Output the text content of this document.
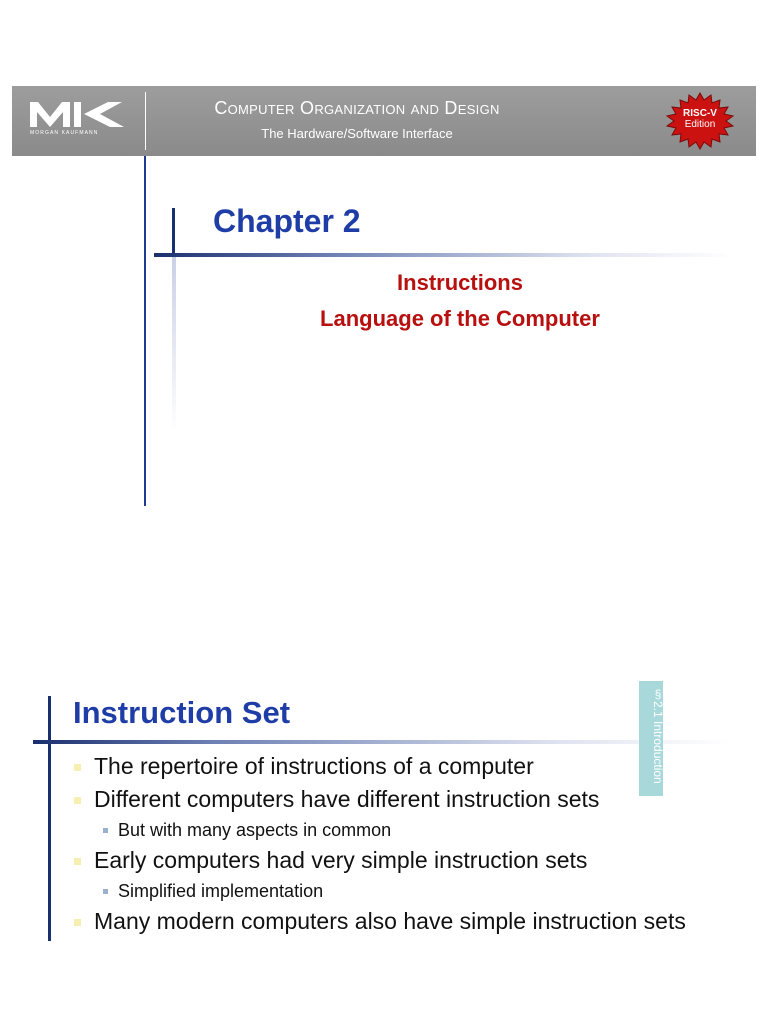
MORGAN KAUFMANN
Computer Organization and Design
The Hardware/Software Interface
RISC-V
Edition
Chapter 2
Instructions
Language of the Computer
Instruction Set	§2.1 Introduction
The repertoire of instructions of a computer
Different computers have different instruction sets
But with many aspects in common
Early computers had very simple instruction sets
Simplified implementation
Many modern computers also have simple instruction sets
